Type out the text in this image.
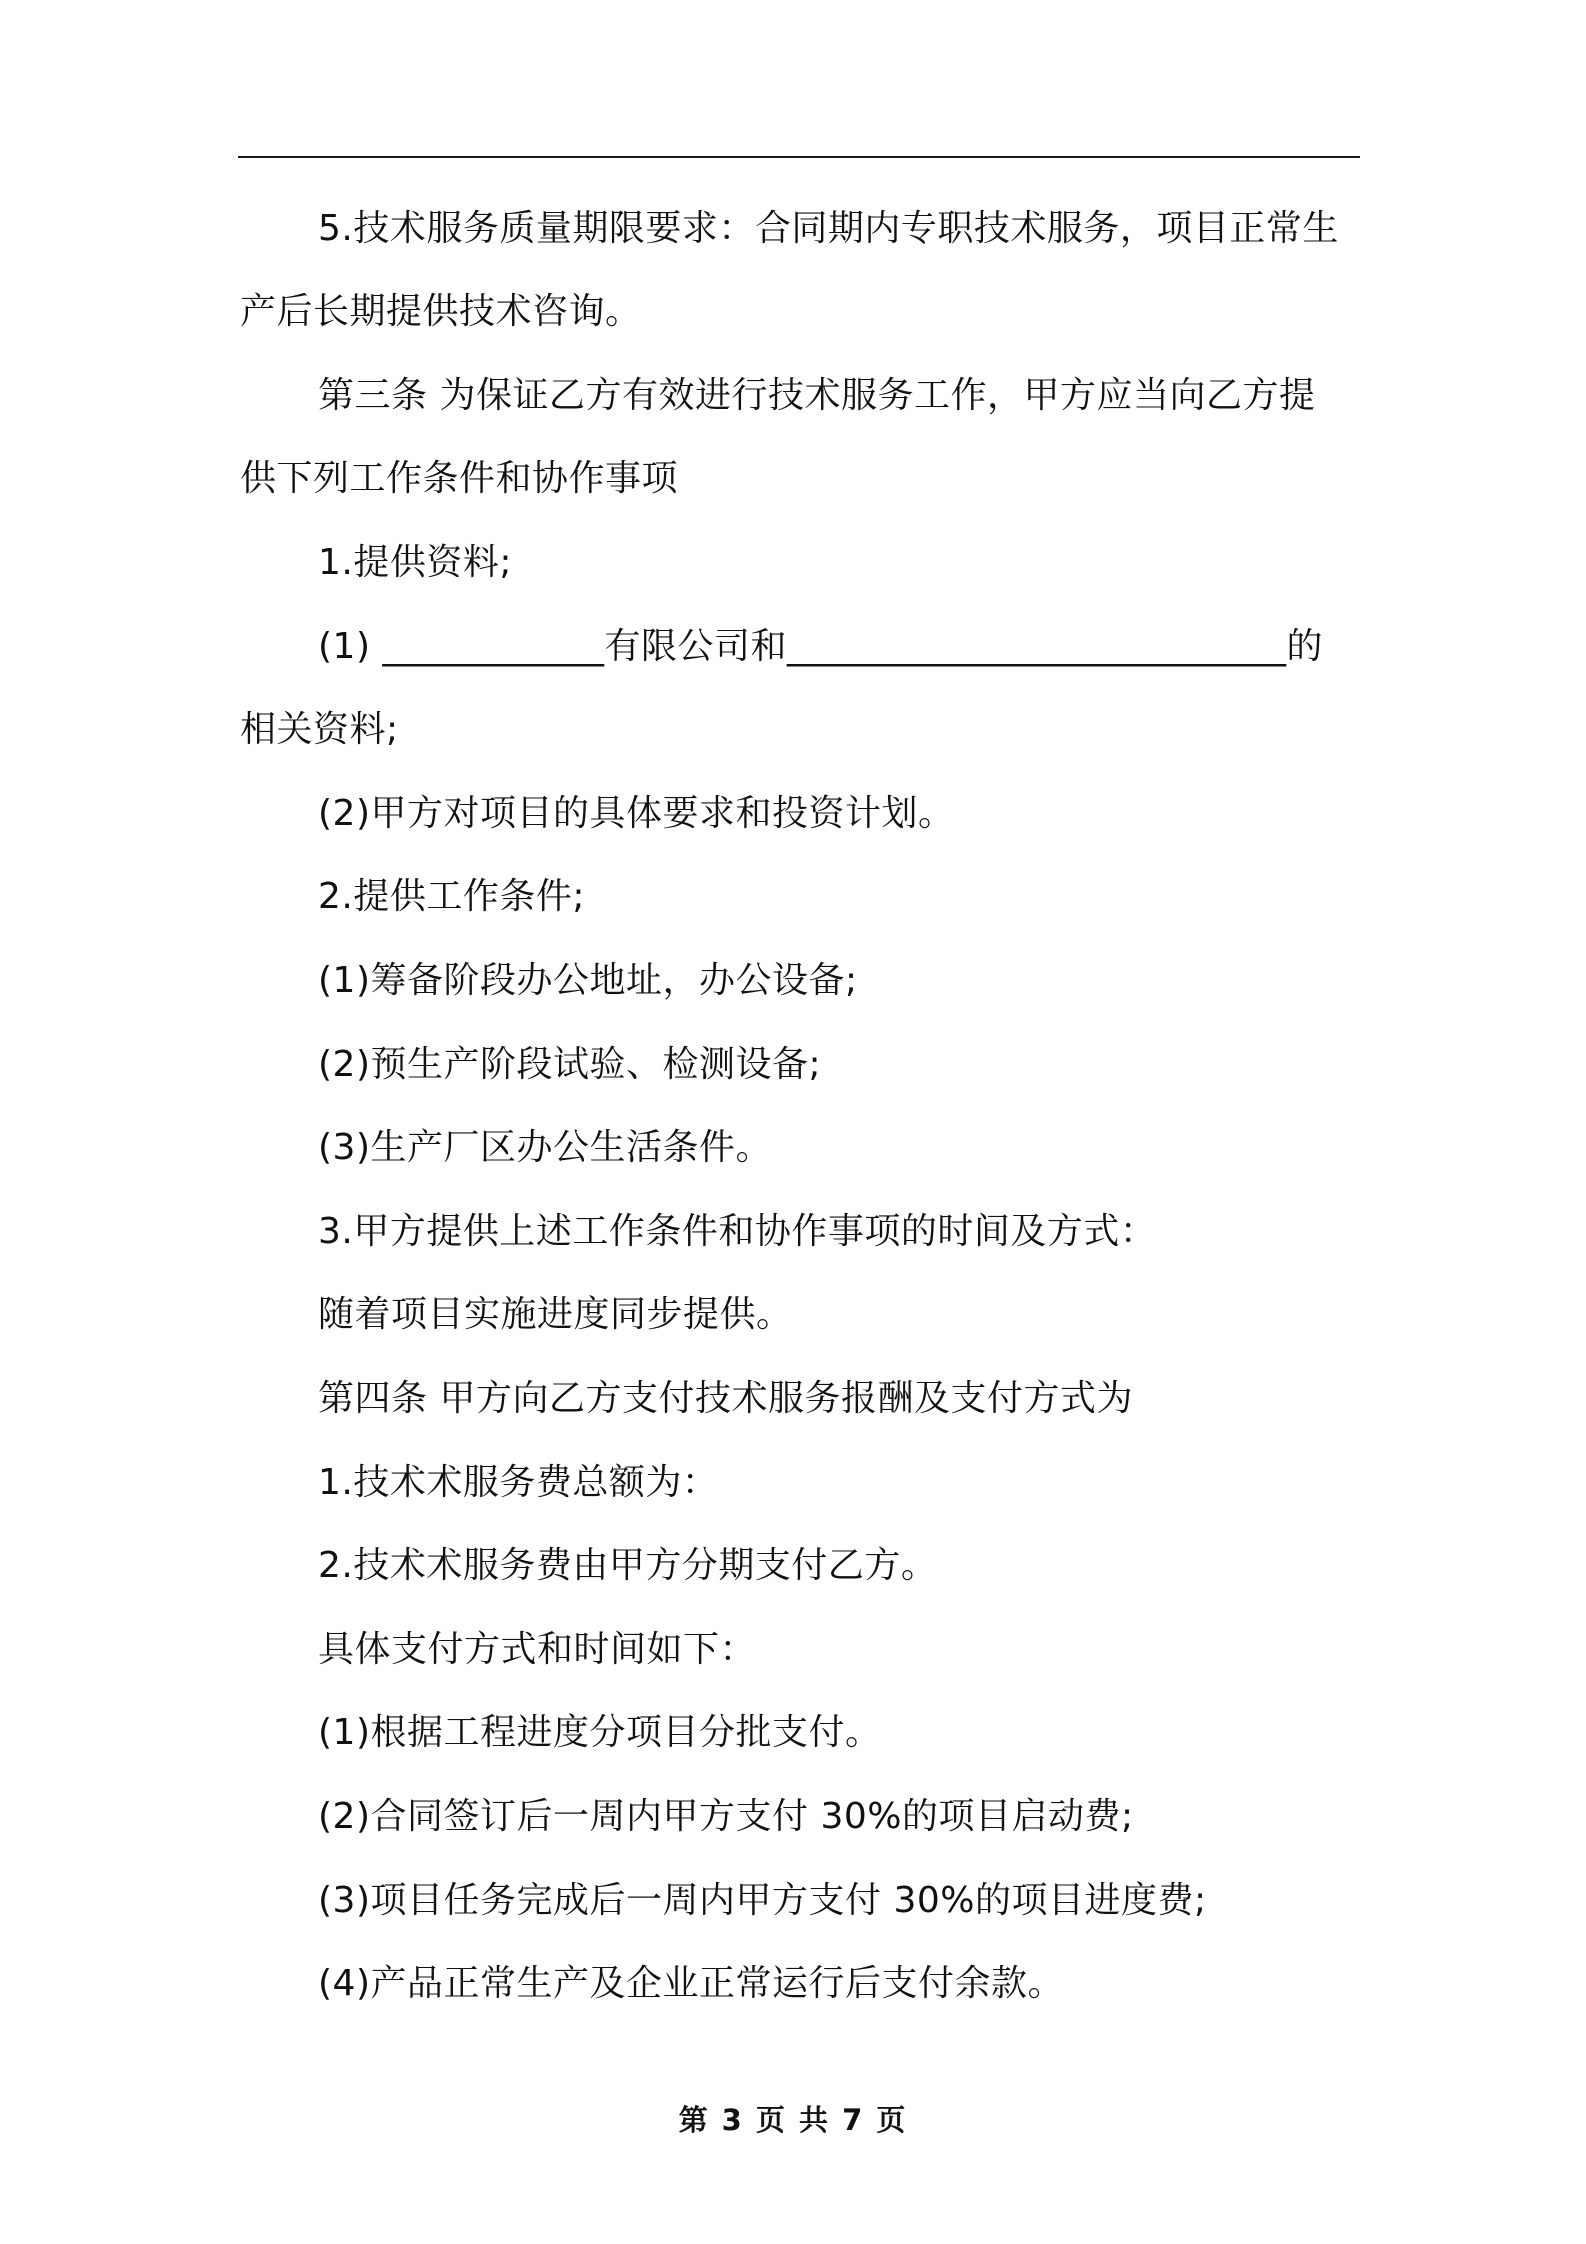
5.技术服务质量期限要求：合同期内专职技术服务，项目正常生
产后长期提供技术咨询。
第三条 为保证乙方有效进行技术服务工作，甲方应当向乙方提
供下列工作条件和协作事项
1.提供资料;
(1) ____________有限公司和___________________________的
相关资料;
(2)甲方对项目的具体要求和投资计划。
2.提供工作条件;
(1)筹备阶段办公地址，办公设备;
(2)预生产阶段试验、检测设备;
(3)生产厂区办公生活条件。
3.甲方提供上述工作条件和协作事项的时间及方式：
随着项目实施进度同步提供。
第四条 甲方向乙方支付技术服务报酬及支付方式为
1.技术术服务费总额为：
2.技术术服务费由甲方分期支付乙方。
具体支付方式和时间如下：
(1)根据工程进度分项目分批支付。
(2)合同签订后一周内甲方支付 30%的项目启动费;
(3)项目任务完成后一周内甲方支付 30%的项目进度费;
(4)产品正常生产及企业正常运行后支付余款。
第 3 页 共 7 页
